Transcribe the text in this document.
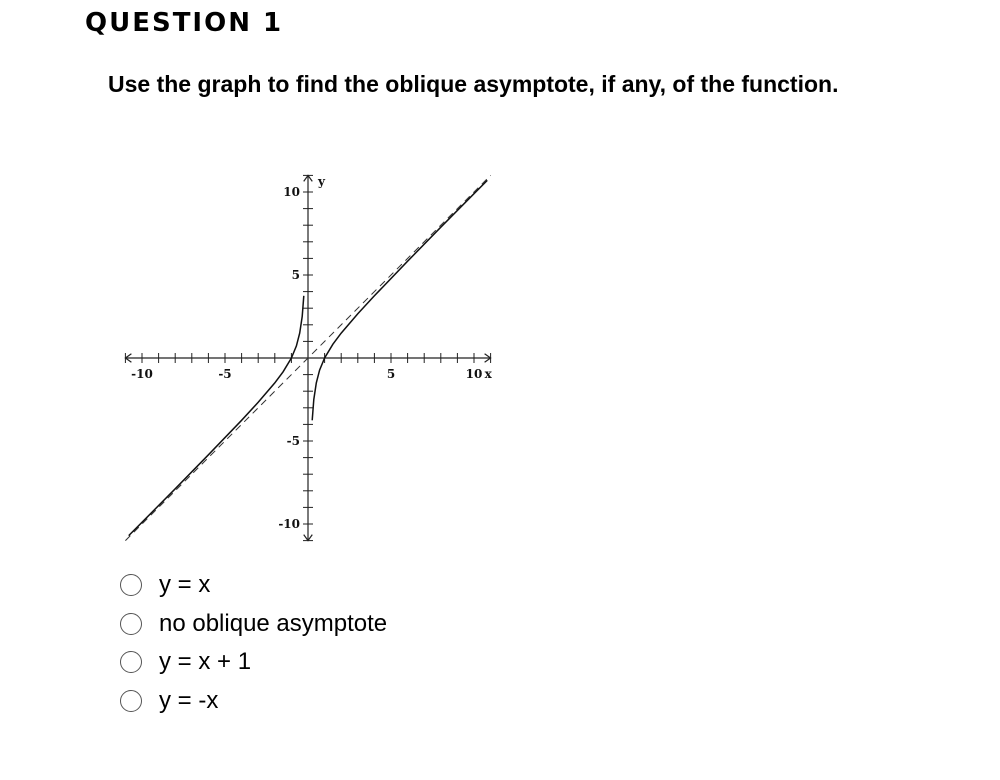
QUESTION 1

Use the graph to find the oblique asymptote, if any, of the function.

-10	-5	5	10
10
5
-5
-10
x
y
y = x
no oblique asymptote
y = x + 1
y = -x
